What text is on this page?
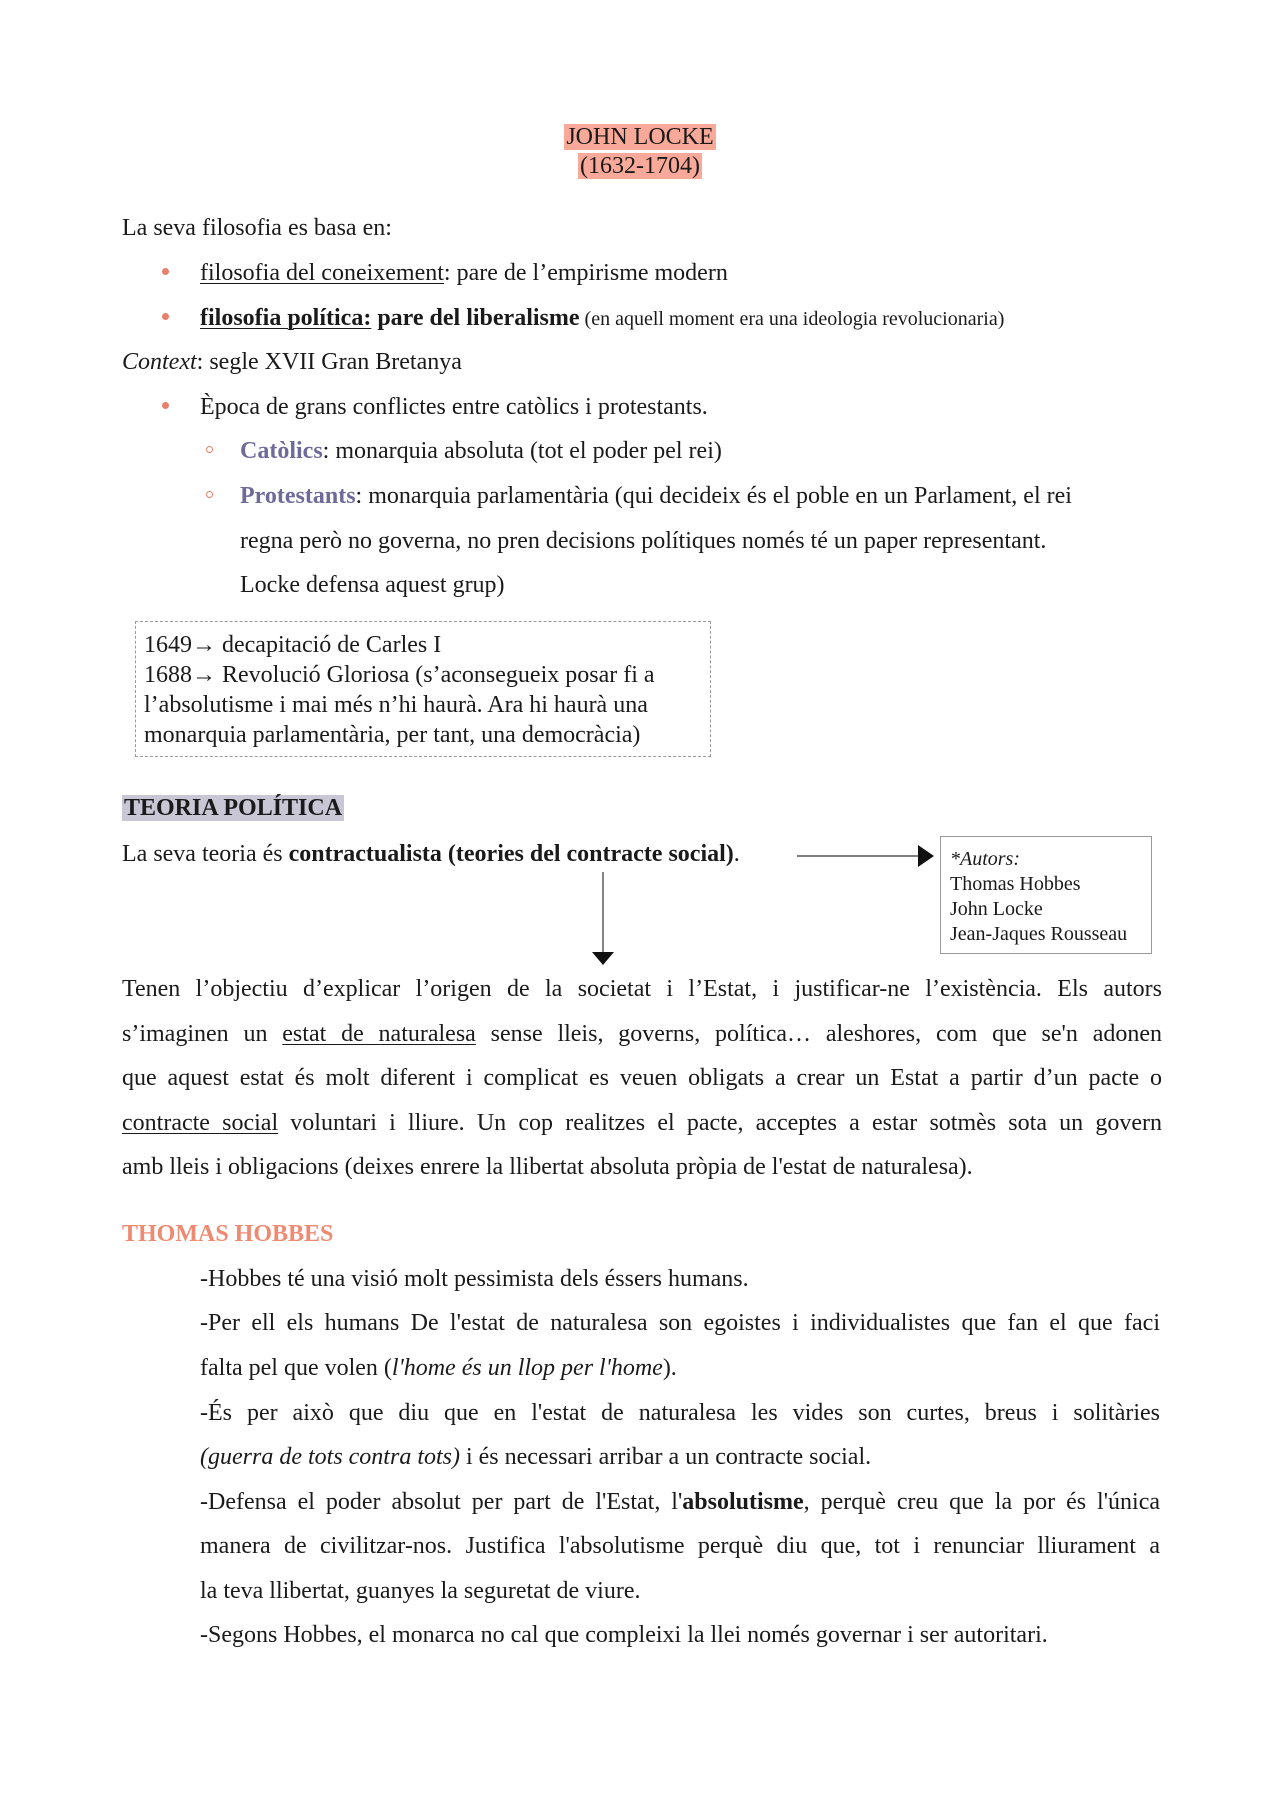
JOHN LOCKE
(1632-1704)
La seva filosofia es basa en:
filosofia del coneixement: pare de l’empirisme modern
filosofia política: pare del liberalisme (en aquell moment era una ideologia revolucionaria)
Context: segle XVII Gran Bretanya
Època de grans conflictes entre catòlics i protestants.
Catòlics: monarquia absoluta (tot el poder pel rei)
Protestants: monarquia parlamentària (qui decideix és el poble en un Parlament, el rei
regna però no governa, no pren decisions polítiques només té un paper representant.
Locke defensa aquest grup)
1649→ decapitació de Carles I
1688→ Revolució Gloriosa (s’aconsegueix posar fi a
l’absolutisme i mai més n’hi haurà. Ara hi haurà una
monarquia parlamentària, per tant, una democràcia)
TEORIA POLÍTICA
La seva teoria és contractualista (teories del contracte social).	*Autors:
Thomas Hobbes
John Locke
Jean-Jaques Rousseau
Tenen l’objectiu d’explicar l’origen de la societat i l’Estat, i justificar-ne l’existència. Els autors
s’imaginen un estat de naturalesa sense lleis, governs, política… aleshores, com que se'n adonen
que aquest estat és molt diferent i complicat es veuen obligats a crear un Estat a partir d’un pacte o
contracte social voluntari i lliure. Un cop realitzes el pacte, acceptes a estar sotmès sota un govern
amb lleis i obligacions (deixes enrere la llibertat absoluta pròpia de l'estat de naturalesa).
THOMAS HOBBES
-Hobbes té una visió molt pessimista dels éssers humans.
-Per ell els humans De l'estat de naturalesa son egoistes i individualistes que fan el que faci
falta pel que volen (l'home és un llop per l'home).
-És per això que diu que en l'estat de naturalesa les vides son curtes, breus i solitàries
(guerra de tots contra tots) i és necessari arribar a un contracte social.
-Defensa el poder absolut per part de l'Estat, l'absolutisme, perquè creu que la por és l'única
manera de civilitzar-nos. Justifica l'absolutisme perquè diu que, tot i renunciar lliurament a
la teva llibertat, guanyes la seguretat de viure.
-Segons Hobbes, el monarca no cal que compleixi la llei només governar i ser autoritari.
